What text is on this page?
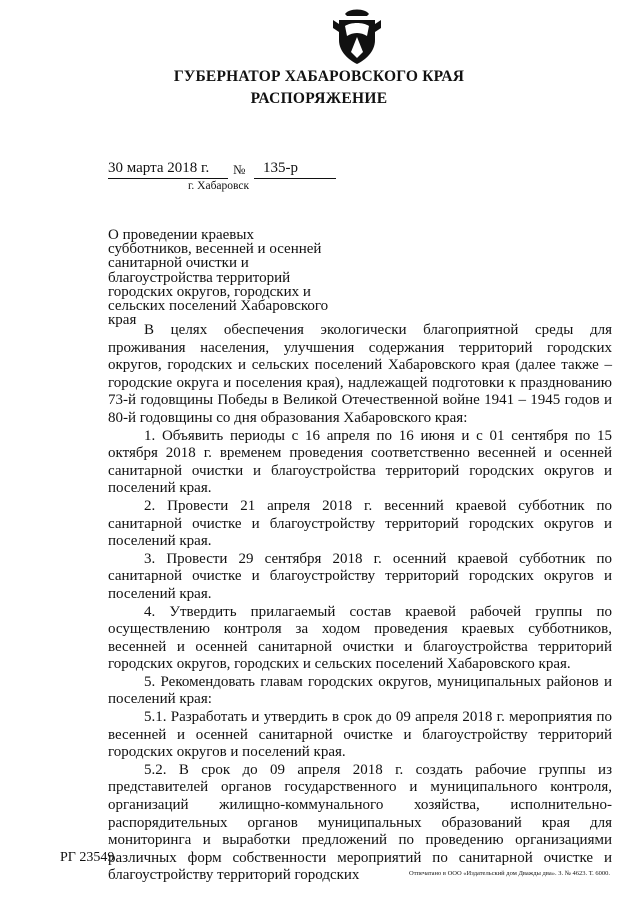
ГУБЕРНАТОР ХАБАРОВСКОГО КРАЯ
РАСПОРЯЖЕНИЕ
30 марта 2018 г. № 135-р
г. Хабаровск

О проведении краевых субботников, весенней и осенней санитарной очистки и благоустройства территорий городских округов, городских и сельских поселений Хабаровского края

В целях обеспечения экологически благоприятной среды для проживания населения, улучшения содержания территорий городских округов, городских и сельских поселений Хабаровского края (далее также – городские округа и поселения края), надлежащей подготовки к празднованию 73-й годовщины Победы в Великой Отечественной войне 1941 – 1945 годов и 80-й годовщины со дня образования Хабаровского края:

1. Объявить периоды с 16 апреля по 16 июня и с 01 сентября по 15 октября 2018 г. временем проведения соответственно весенней и осенней санитарной очистки и благоустройства территорий городских округов и поселений края.

2. Провести 21 апреля 2018 г. весенний краевой субботник по санитарной очистке и благоустройству территорий городских округов и поселений края.

3. Провести 29 сентября 2018 г. осенний краевой субботник по санитарной очистке и благоустройству территорий городских округов и поселений края.

4. Утвердить прилагаемый состав краевой рабочей группы по осуществлению контроля за ходом проведения краевых субботников, весенней и осенней санитарной очистки и благоустройства территорий городских округов, городских и сельских поселений Хабаровского края.

5. Рекомендовать главам городских округов, муниципальных районов и поселений края:

5.1. Разработать и утвердить в срок до 09 апреля 2018 г. мероприятия по весенней и осенней санитарной очистке и благоустройству территорий городских округов и поселений края.

5.2. В срок до 09 апреля 2018 г. создать рабочие группы из представителей органов государственного и муниципального контроля, организаций жилищно-коммунального хозяйства, исполнительно-распорядительных органов муниципальных образований края для мониторинга и выработки предложений по проведению организациями различных форм собственности мероприятий по санитарной очистке и благоустройству территорий городских

РГ 23549
Отпечатано в ООО «Издательский дом Дважды два». З. № 4623. Т. 6000.
